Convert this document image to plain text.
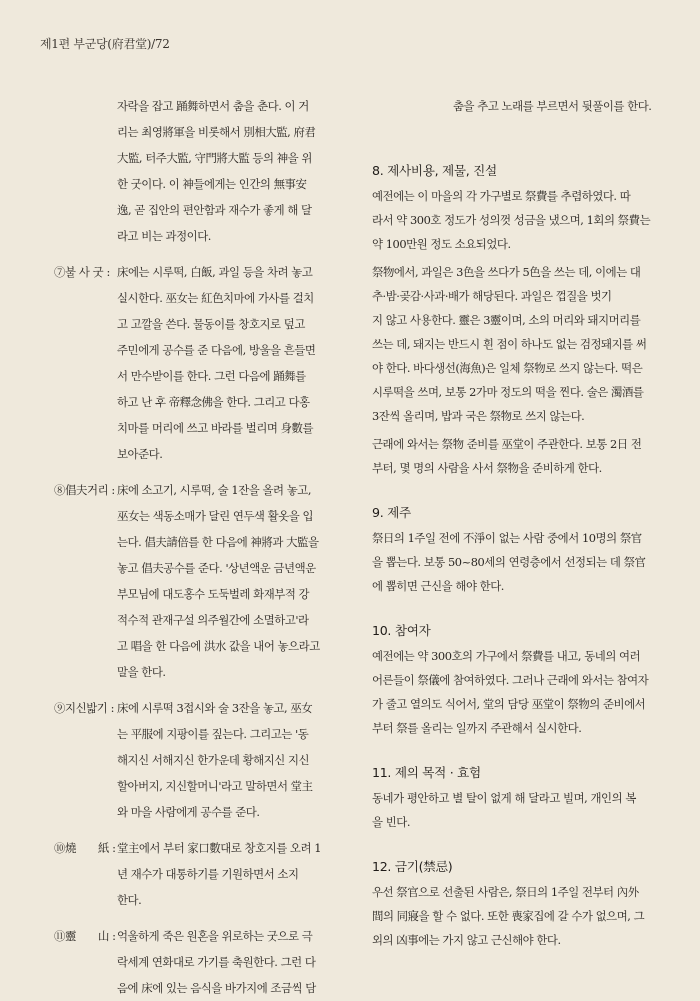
제1편 부군당(府君堂)/72
자락을 잡고 踊舞하면서 춤을 춘다. 이 거
리는 최영將軍을 비롯해서 別相大監, 府君
大監, 터주大監, 守門將大監 등의 神을 위
한 굿이다. 이 神들에게는 인간의 無事安
逸, 곧 집안의 편안함과 재수가 좋게 해 달
라고 비는 과정이다.
床에는 시루떡, 白飯, 과일 등을 차려 놓고
실시한다. 巫女는 紅色치마에 가사를 걸치
고 고깔을 쓴다. 물동이를 창호지로 덮고
주민에게 공수를 준 다음에, 방울을 흔들면
서 만수받이를 한다. 그런 다음에 踊舞를
하고 난 후 帝釋念佛을 한다. 그리고 다홍
치마를 머리에 쓰고 바라를 벌리며 身數를
보아준다.
床에 소고기, 시루떡, 술 1잔을 올려 놓고,
巫女는 색동소매가 달린 연두색 활옷을 입
는다. 倡夫請倍를 한 다음에 神將과 大監을
놓고 倡夫공수를 준다. '상년액운 금년액운
부모님에 대도홍수 도둑벌레 화재부적 강
적수적 관재구설 의주월간에 소멸하고'라
고 唱을 한 다음에 洪水 값을 내어 놓으라고
말을 한다.
床에 시루떡 3접시와 술 3잔을 놓고, 巫女
는 平服에 지팡이를 짚는다. 그리고는 '동
해지신 서해지신 한가운데 황해지신 지신
할아버지, 지신할머니'라고 말하면서 堂主
와 마을 사람에게 공수를 준다.
堂主에서 부터 家口數대로 창호지를 오려 1
년 재수가 대통하기를 기원하면서 소지
한다.
억울하게 죽은 원혼을 위로하는 굿으로 극
락세계 연화대로 가기를 축원한다. 그런 다
음에 床에 있는 음식을 바가지에 조금씩 담
⑦불 사 굿 :
⑧倡夫거리 :
⑨지신밟기 :
⑩燒　　紙 :
⑪靈　　山 :
춤을 추고 노래를 부르면서 뒷풀이를 한다.
예전에는 이 마을의 각 가구별로 祭費를 추렴하였다. 따
라서 약 300호 정도가 성의껏 성금을 냈으며, 1회의 祭費는
약 100만원 정도 소요되었다.
祭物에서, 과일은 3色을 쓰다가 5色을 쓰는 데, 이에는 대
추·밤·곶감·사과·배가 해당된다. 과일은 껍질을 벗기
지 않고 사용한다. 靈은 3靈이며, 소의 머리와 돼지머리를
쓰는 데, 돼지는 반드시 흰 점이 하나도 없는 검정돼지를 써
야 한다. 바다생선(海魚)은 일체 祭物로 쓰지 않는다. 떡은
시루떡을 쓰며, 보통 2가마 정도의 떡을 찐다. 술은 濁酒를
3잔씩 올리며, 밥과 국은 祭物로 쓰지 않는다.
근래에 와서는 祭物 준비를 巫堂이 주관한다. 보통 2日 전
부터, 몇 명의 사람을 사서 祭物을 준비하게 한다.
祭日의 1주일 전에 不淨이 없는 사람 중에서 10명의 祭官
을 뽑는다. 보통 50~80세의 연령층에서 선정되는 데 祭官
에 뽑히면 근신을 해야 한다.
예전에는 약 300호의 가구에서 祭費를 내고, 동네의 여러
어른들이 祭儀에 참여하였다. 그러나 근래에 와서는 참여자
가 줄고 열의도 식어서, 堂의 담당 巫堂이 祭物의 준비에서
부터 祭를 올리는 일까지 주관해서 실시한다.
동네가 평안하고 별 탈이 없게 해 달라고 빌며, 개인의 복
을 빈다.
우선 祭官으로 선출된 사람은, 祭日의 1주일 전부터 內外
間의 同寢을 할 수 없다. 또한 喪家집에 갈 수가 없으며, 그
외의 凶事에는 가지 않고 근신해야 한다.
8. 제사비용, 제물, 진설
9. 제주
10. 참여자
11. 제의 목적 · 효험
12. 금기(禁忌)
